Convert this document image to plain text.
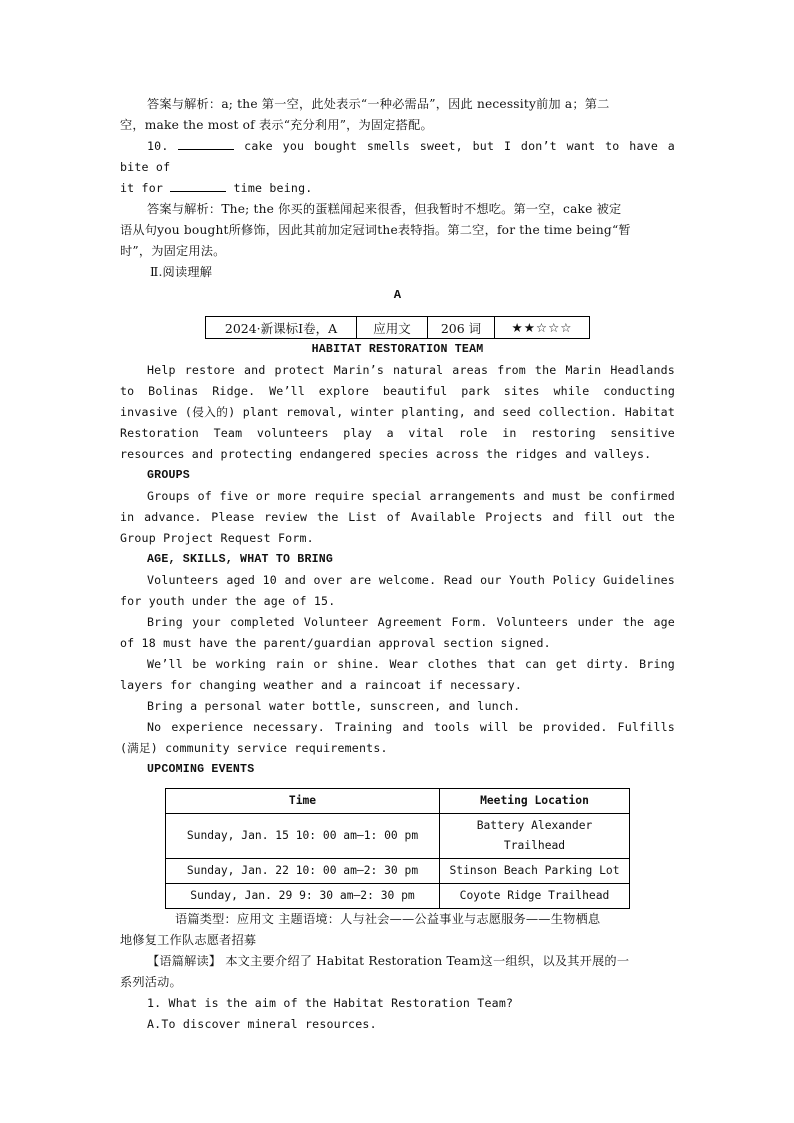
答案与解析：a; the 第一空，此处表示“一种必需品”，因此 necessity前加 a；第二
空，make the most of 表示“充分利用”，为固定搭配。

10.	cake you bought smells sweet, but I don’t want to have a bite of
it for	time being.

答案与解析：The; the 你买的蛋糕闻起来很香，但我暂时不想吃。第一空，cake 被定
语从句you bought所修饰，因此其前加定冠词the表特指。第二空，for the time being“暂
时”，为固定用法。

Ⅱ.阅读理解

A

2024·新课标Ⅰ卷，A	应用文	206 词	★★☆☆☆

HABITAT RESTORATION TEAM

Help restore and protect Marin’s natural areas from the Marin Headlands to Bolinas Ridge. We’ll explore beautiful park sites while conducting invasive (侵入的) plant removal, winter planting, and seed collection. Habitat Restoration Team volunteers play a vital role in restoring sensitive resources and protecting endangered species across the ridges and valleys.

GROUPS

Groups of five or more require special arrangements and must be confirmed in advance. Please review the List of Available Projects and fill out the Group Project Request Form.

AGE, SKILLS, WHAT TO BRING

Volunteers aged 10 and over are welcome. Read our Youth Policy Guidelines for youth under the age of 15.

Bring your completed Volunteer Agreement Form. Volunteers under the age of 18 must have the parent/guardian approval section signed.

We’ll be working rain or shine. Wear clothes that can get dirty. Bring layers for changing weather and a raincoat if necessary.

Bring a personal water bottle, sunscreen, and lunch.

No experience necessary. Training and tools will be provided. Fulfills (满足) community service requirements.

UPCOMING EVENTS

Time	Meeting Location
Sunday, Jan. 15 10: 00 am—1: 00 pm	Battery Alexander Trailhead
Sunday, Jan. 22 10: 00 am—2: 30 pm	Stinson Beach Parking Lot
Sunday, Jan. 29 9: 30 am—2: 30 pm	Coyote Ridge Trailhead

语篇类型：应用文 主题语境：人与社会——公益事业与志愿服务——生物栖息
地修复工作队志愿者招募

【语篇解读】 本文主要介绍了 Habitat Restoration Team这一组织，以及其开展的一
系列活动。

1. What is the aim of the Habitat Restoration Team?

A.To discover mineral resources.
